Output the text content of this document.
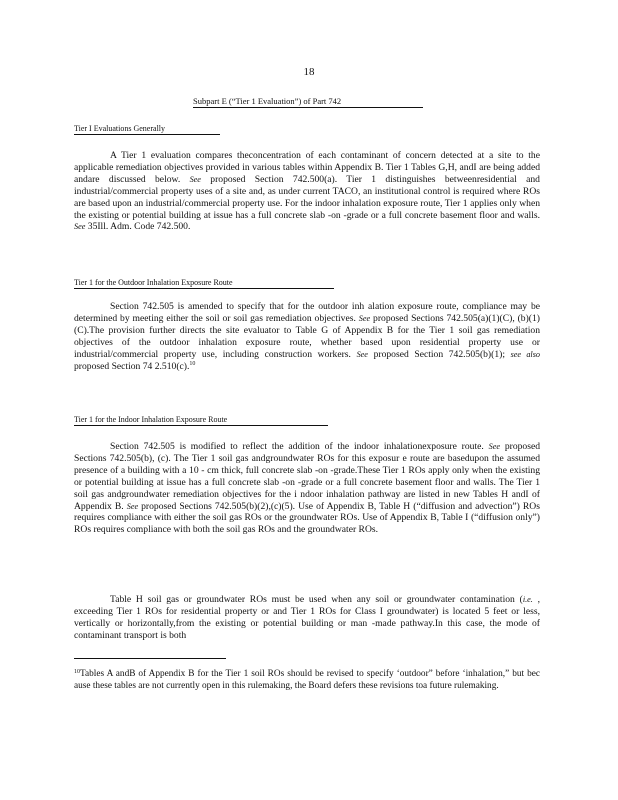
18
Subpart E (“Tier 1 Evaluation”) of Part 742
Tier I Evaluations Generally
A Tier 1 evaluation compares theconcentration of each contaminant of concern detected at a site to the applicable remediation objectives provided in various tables within Appendix B. Tier 1 Tables G,H, andI are being added andare discussed below. See proposed Section 742.500(a). Tier 1 distinguishes betweenresidential and industrial/commercial property uses of a site and, as under current TACO, an institutional control is required where ROs are based upon an industrial/commercial property use. For the indoor inhalation exposure route, Tier 1 applies only when the existing or potential building at issue has a full concrete slab -on -grade or a full concrete basement floor and walls. See 35Ill. Adm. Code 742.500.
Tier 1 for the Outdoor Inhalation Exposure Route
Section 742.505 is amended to specify that for the outdoor inh alation exposure route, compliance may be determined by meeting either the soil or soil gas remediation objectives. See proposed Sections 742.505(a)(1)(C), (b)(1)(C).The provision further directs the site evaluator to Table G of Appendix B for the Tier 1 soil gas remediation objectives of the outdoor inhalation exposure route, whether based upon residential property use or industrial/commercial property use, including construction workers. See proposed Section 742.505(b)(1); see also proposed Section 74 2.510(c).$^{10}$
Tier 1 for the Indoor Inhalation Exposure Route
Section 742.505 is modified to reflect the addition of the indoor inhalationexposure route. See proposed Sections 742.505(b), (c). The Tier 1 soil gas andgroundwater ROs for this exposur e route are basedupon the assumed presence of a building with a 10 - cm thick, full concrete slab -on -grade.These Tier 1 ROs apply only when the existing or potential building at issue has a full concrete slab -on -grade or a full concrete basement floor and walls. The Tier 1 soil gas andgroundwater remediation objectives for the i ndoor inhalation pathway are listed in new Tables H andI of Appendix B. See proposed Sections 742.505(b)(2),(c)(5). Use of Appendix B, Table H (“diffusion and advection”) ROs requires compliance with either the soil gas ROs or the groundwater ROs. Use of Appendix B, Table I (“diffusion only”) ROs requires compliance with both the soil gas ROs and the groundwater ROs.
Table H soil gas or groundwater ROs must be used when any soil or groundwater contamination (i.e. , exceeding Tier 1 ROs for residential property or and Tier 1 ROs for Class I groundwater) is located 5 feet or less, vertically or horizontally,from the existing or potential building or man -made pathway.In this case, the mode of contaminant transport is both
$^{10}$Tables A andB of Appendix B for the Tier 1 soil ROs should be revised to specify ‘outdoor” before ‘inhalation,” but bec ause these tables are not currently open in this rulemaking, the Board defers these revisions toa future rulemaking.
